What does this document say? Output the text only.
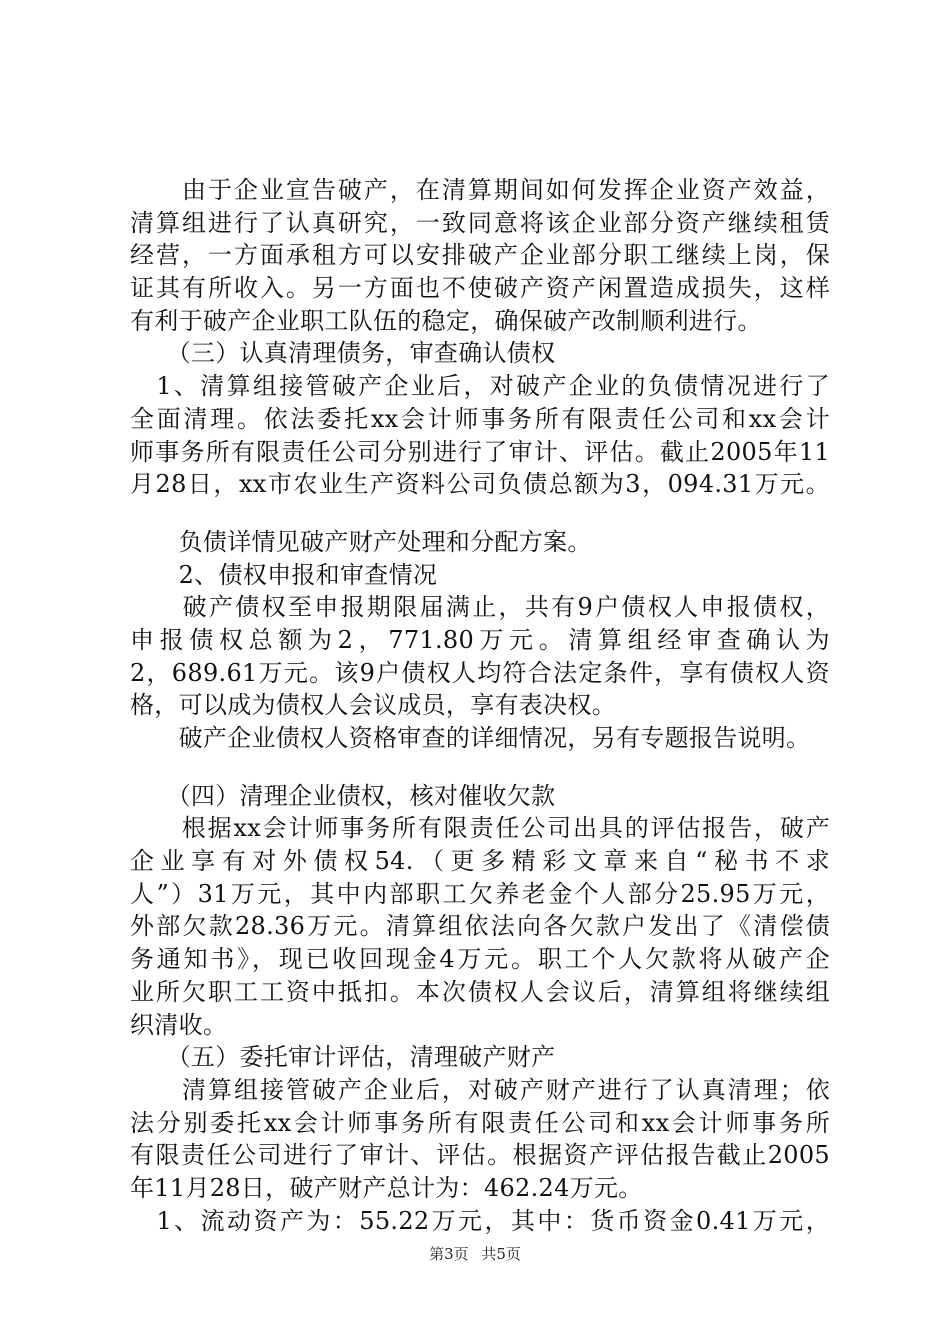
　　由于企业宣告破产，在清算期间如何发挥企业资产效益，
清算组进行了认真研究，一致同意将该企业部分资产继续租赁
经营，一方面承租方可以安排破产企业部分职工继续上岗，保
证其有所收入。另一方面也不使破产资产闲置造成损失，这样
有利于破产企业职工队伍的稳定，确保破产改制顺利进行。
　　（三）认真清理债务，审查确认债权
　1、清算组接管破产企业后，对破产企业的负债情况进行了
全面清理。依法委托xx会计师事务所有限责任公司和xx会计
师事务所有限责任公司分别进行了审计、评估。截止2005年11
月28日，xx市农业生产资料公司负债总额为3，094.31万元。
　　负债详情见破产财产处理和分配方案。
　　2、债权申报和审查情况
　　破产债权至申报期限届满止，共有9户债权人申报债权，
申报债权总额为2，771.80万元。清算组经审查确认为
2，689.61万元。该9户债权人均符合法定条件，享有债权人资
格，可以成为债权人会议成员，享有表决权。
　　破产企业债权人资格审查的详细情况，另有专题报告说明。
　　（四）清理企业债权，核对催收欠款
　　根据xx会计师事务所有限责任公司出具的评估报告，破产
企业享有对外债权54.（更多精彩文章来自“秘书不求
人”）31万元，其中内部职工欠养老金个人部分25.95万元，
外部欠款28.36万元。清算组依法向各欠款户发出了《清偿债
务通知书》，现已收回现金4万元。职工个人欠款将从破产企
业所欠职工工资中抵扣。本次债权人会议后，清算组将继续组
织清收。
　　（五）委托审计评估，清理破产财产
　　清算组接管破产企业后，对破产财产进行了认真清理；依
法分别委托xx会计师事务所有限责任公司和xx会计师事务所
有限责任公司进行了审计、评估。根据资产评估报告截止2005
年11月28日，破产财产总计为：462.24万元。
　1、流动资产为：55.22万元，其中：货币资金0.41万元，
第3页 共5页
